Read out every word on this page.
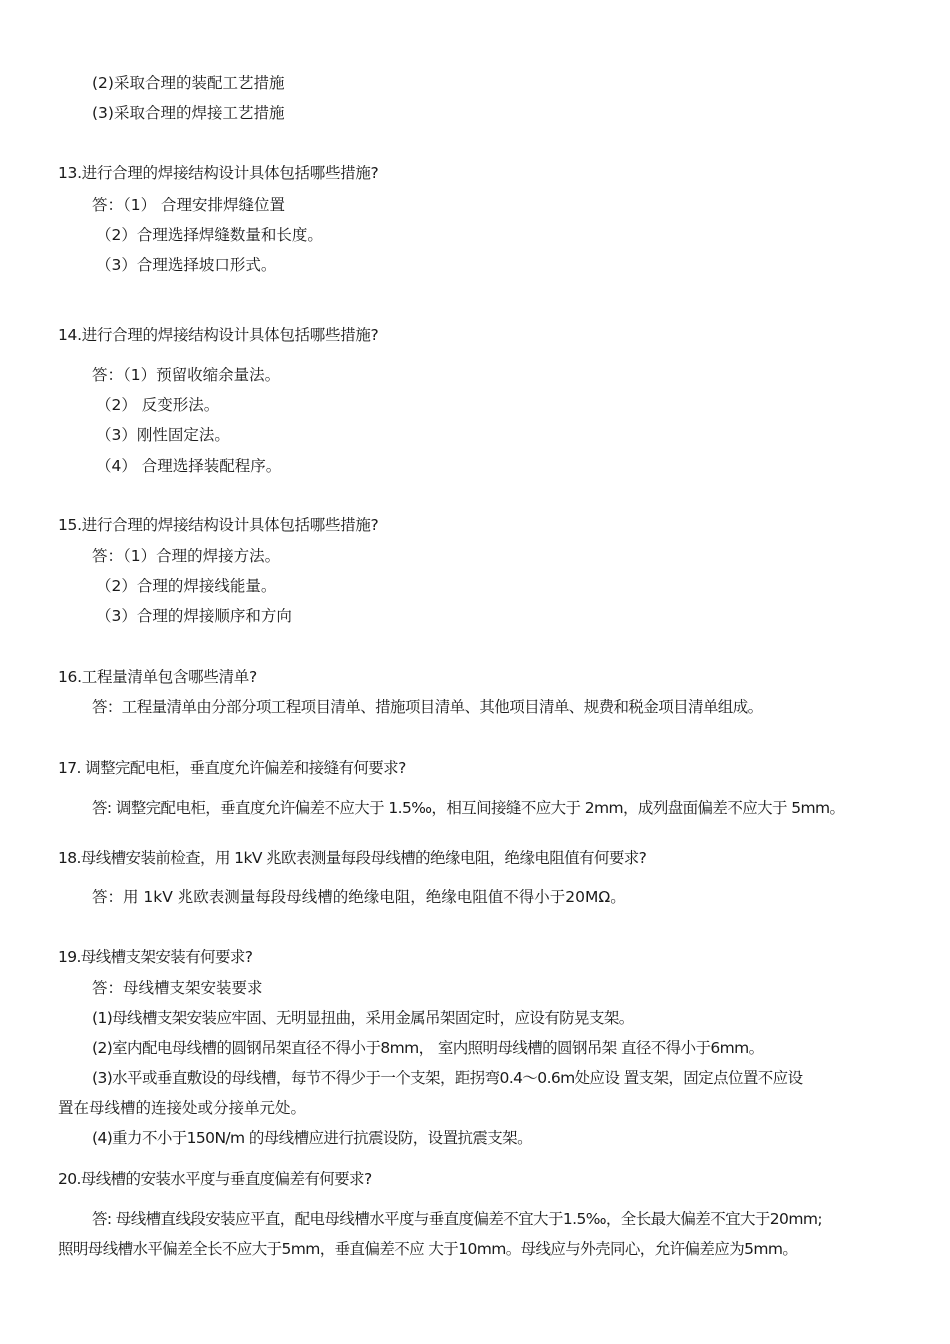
(2)采取合理的装配工艺措施
(3)采取合理的焊接工艺措施
13.进行合理的焊接结构设计具体包括哪些措施?
答：（1） 合理安排焊缝位置
（2）合理选择焊缝数量和长度。
（3）合理选择坡口形式。
14.进行合理的焊接结构设计具体包括哪些措施?
答：（1）预留收缩余量法。
（2） 反变形法。
（3）刚性固定法。
（4） 合理选择装配程序。
15.进行合理的焊接结构设计具体包括哪些措施?
答：（1）合理的焊接方法。
（2）合理的焊接线能量。
（3）合理的焊接顺序和方向
16.工程量清单包含哪些清单?
答：工程量清单由分部分项工程项目清单、措施项目清单、其他项目清单、规费和税金项目清单组成。
17. 调整完配电柜，垂直度允许偏差和接缝有何要求?
答: 调整完配电柜，垂直度允许偏差不应大于 1.5‰，相互间接缝不应大于 2mm，成列盘面偏差不应大于 5mm。
18.母线槽安装前检查，用 1kV 兆欧表测量每段母线槽的绝缘电阻，绝缘电阻值有何要求?
答：用 1kV 兆欧表测量每段母线槽的绝缘电阻，绝缘电阻值不得小于20MΩ。
19.母线槽支架安装有何要求?
答：母线槽支架安装要求
(1)母线槽支架安装应牢固、无明显扭曲，采用金属吊架固定时，应设有防晃支架。
(2)室内配电母线槽的圆钢吊架直径不得小于8mm， 室内照明母线槽的圆钢吊架 直径不得小于6mm。
(3)水平或垂直敷设的母线槽，每节不得少于一个支架，距拐弯0.4～0.6m处应设 置支架，固定点位置不应设
置在母线槽的连接处或分接单元处。
(4)重力不小于150N/m 的母线槽应进行抗震设防，设置抗震支架。
20.母线槽的安装水平度与垂直度偏差有何要求?
答: 母线槽直线段安装应平直，配电母线槽水平度与垂直度偏差不宜大于1.5‰，全长最大偏差不宜大于20mm;
照明母线槽水平偏差全长不应大于5mm，垂直偏差不应 大于10mm。母线应与外壳同心，允许偏差应为5mm。
